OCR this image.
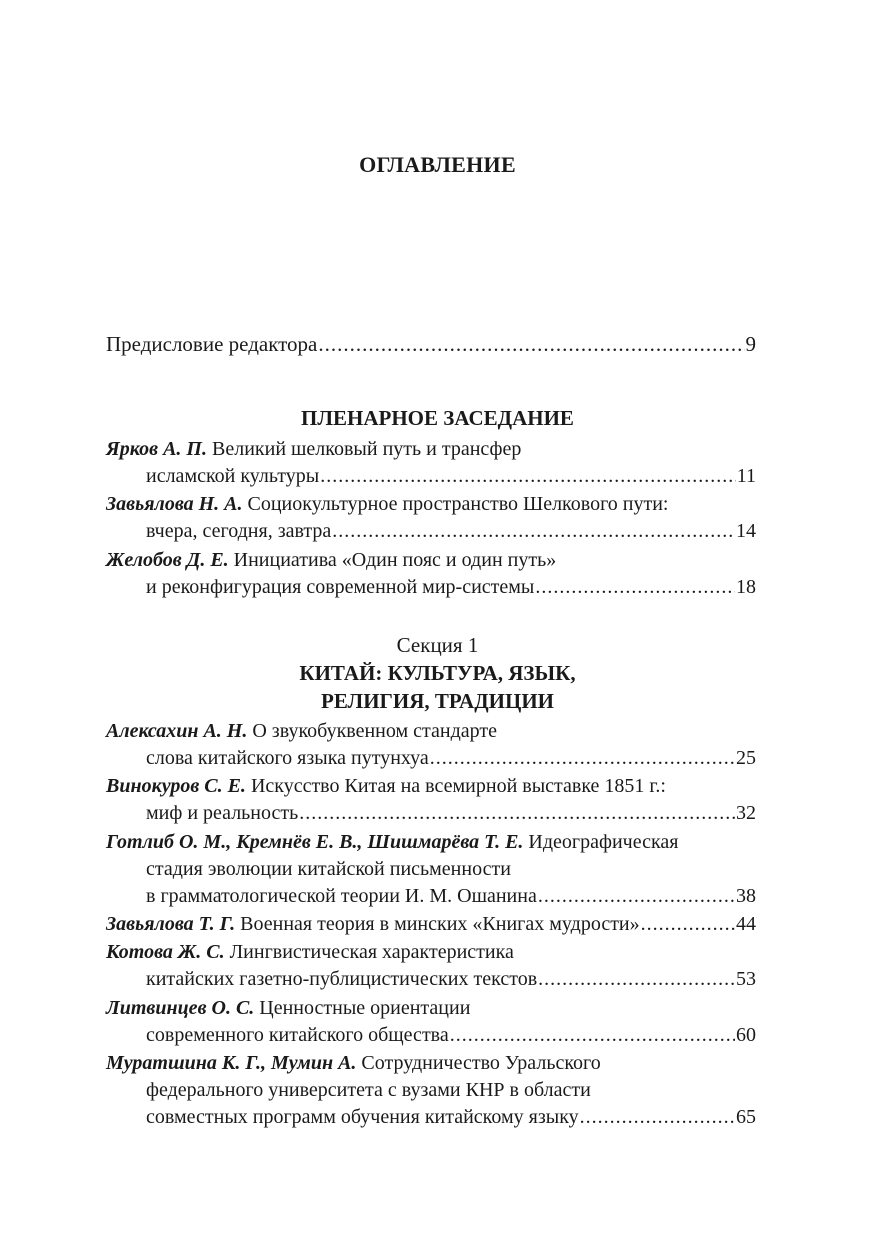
ОГЛАВЛЕНИЕ
Предисловие редактора .....	9
ПЛЕНАРНОЕ ЗАСЕДАНИЕ
Ярков А. П. Великий шелковый путь и трансфер
исламской культуры .....	11
Завьялова Н. А. Социокультурное пространство Шелкового пути:
вчера, сегодня, завтра .....	14
Желобов Д. Е. Инициатива «Один пояс и один путь»
и реконфигурация современной мир-системы .....	18
Секция 1
КИТАЙ: КУЛЬТУРА, ЯЗЫК,
РЕЛИГИЯ, ТРАДИЦИИ
Алексахин А. Н. О звукобуквенном стандарте
слова китайского языка путунхуа .....	25
Винокуров С. Е. Искусство Китая на всемирной выставке 1851 г.:
миф и реальность .....	32
Готлиб О. М., Кремнёв Е. В., Шишмарёва Т. Е. Идеографическая
стадия эволюции китайской письменности
в грамматологической теории И. М. Ошанина .....	38
Завьялова Т. Г. Военная теория в минских «Книгах мудрости» .....	44
Котова Ж. С. Лингвистическая характеристика
китайских газетно-публицистических текстов .....	53
Литвинцев О. С. Ценностные ориентации
современного китайского общества .....	60
Муратшина К. Г., Мумин А. Сотрудничество Уральского
федерального университета с вузами КНР в области
совместных программ обучения китайскому языку .....	65
